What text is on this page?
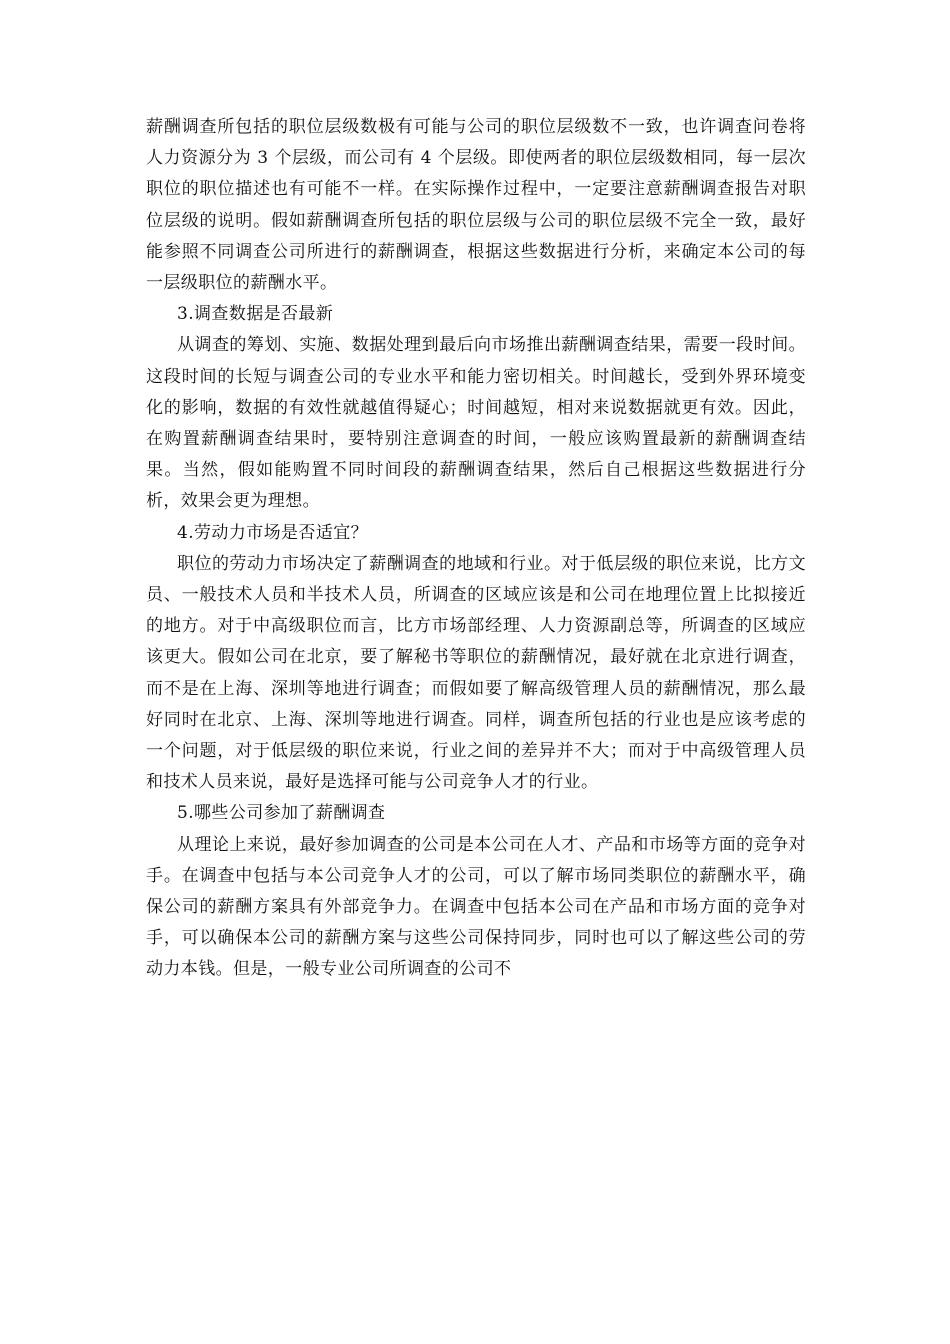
薪酬调查所包括的职位层级数极有可能与公司的职位层级数不一致，也许调查问卷将人力资源分为 3 个层级，而公司有 4 个层级。即使两者的职位层级数相同，每一层次职位的职位描述也有可能不一样。在实际操作过程中，一定要注意薪酬调查报告对职位层级的说明。假如薪酬调查所包括的职位层级与公司的职位层级不完全一致，最好能参照不同调查公司所进行的薪酬调查，根据这些数据进行分析，来确定本公司的每一层级职位的薪酬水平。

3.调查数据是否最新

从调查的筹划、实施、数据处理到最后向市场推出薪酬调查结果，需要一段时间。这段时间的长短与调查公司的专业水平和能力密切相关。时间越长，受到外界环境变化的影响，数据的有效性就越值得疑心；时间越短，相对来说数据就更有效。因此，在购置薪酬调查结果时，要特别注意调查的时间，一般应该购置最新的薪酬调查结果。当然，假如能购置不同时间段的薪酬调查结果，然后自己根据这些数据进行分析，效果会更为理想。

4.劳动力市场是否适宜？

职位的劳动力市场决定了薪酬调查的地域和行业。对于低层级的职位来说，比方文员、一般技术人员和半技术人员，所调查的区域应该是和公司在地理位置上比拟接近的地方。对于中高级职位而言，比方市场部经理、人力资源副总等，所调查的区域应该更大。假如公司在北京，要了解秘书等职位的薪酬情况，最好就在北京进行调查，而不是在上海、深圳等地进行调查；而假如要了解高级管理人员的薪酬情况，那么最好同时在北京、上海、深圳等地进行调查。同样，调查所包括的行业也是应该考虑的一个问题，对于低层级的职位来说，行业之间的差异并不大；而对于中高级管理人员和技术人员来说，最好是选择可能与公司竞争人才的行业。

5.哪些公司参加了薪酬调查

从理论上来说，最好参加调查的公司是本公司在人才、产品和市场等方面的竞争对手。在调查中包括与本公司竞争人才的公司，可以了解市场同类职位的薪酬水平，确保公司的薪酬方案具有外部竞争力。在调查中包括本公司在产品和市场方面的竞争对手，可以确保本公司的薪酬方案与这些公司保持同步，同时也可以了解这些公司的劳动力本钱。但是，一般专业公司所调查的公司不
